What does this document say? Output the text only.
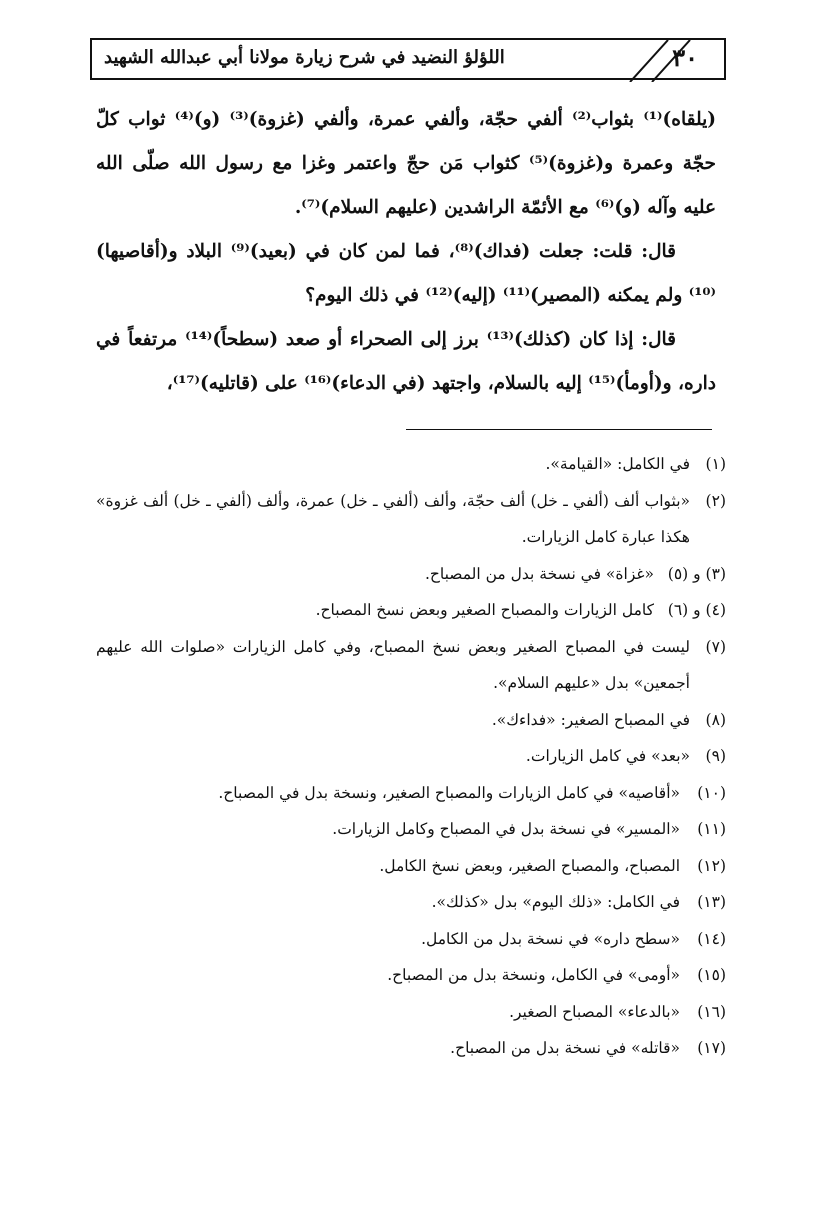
٣٠
اللؤلؤ النضيد في شرح زيارة مولانا أبي عبدالله الشهيد

(يلقاه)⁽¹⁾ بثواب⁽²⁾ ألفي حجّة، وألفي عمرة، وألفي (غزوة)⁽³⁾ (و)⁽⁴⁾ ثواب كلّ حجّة وعمرة و(غزوة)⁽⁵⁾ كثواب مَن حجّ واعتمر وغزا مع رسول الله صلّى الله عليه وآله (و)⁽⁶⁾ مع الأئمّة الراشدين (عليهم السلام)⁽⁷⁾.

قال: قلت: جعلت (فداك)⁽⁸⁾، فما لمن كان في (بعيد)⁽⁹⁾ البلاد و(أقاصيها)⁽¹⁰⁾ ولم يمكنه (المصير)⁽¹¹⁾ (إليه)⁽¹²⁾ في ذلك اليوم؟

قال: إذا كان (كذلك)⁽¹³⁾ برز إلى الصحراء أو صعد (سطحاً)⁽¹⁴⁾ مرتفعاً في داره، و(أومأ)⁽¹⁵⁾ إليه بالسلام، واجتهد (في الدعاء)⁽¹⁶⁾ على (قاتليه)⁽¹⁷⁾،

(١)
في الكامل: «القيامة».
(٢)
«بثواب ألف (ألفي ـ خل) ألف حجّة، وألف (ألفي ـ خل) عمرة، وألف (ألفي ـ خل) ألف غزوة» هكذا عبارة كامل الزيارات.
(٣) و (٥)
«غزاة» في نسخة بدل من المصباح.
(٤) و (٦)
كامل الزيارات والمصباح الصغير وبعض نسخ المصباح.
(٧)
ليست في المصباح الصغير وبعض نسخ المصباح، وفي كامل الزيارات «صلوات الله عليهم أجمعين» بدل «عليهم السلام».
(٨)
في المصباح الصغير: «فداءك».
(٩)
«بعد» في كامل الزيارات.
(١٠)
«أقاصيه» في كامل الزيارات والمصباح الصغير، ونسخة بدل في المصباح.
(١١)
«المسير» في نسخة بدل في المصباح وكامل الزيارات.
(١٢)
المصباح، والمصباح الصغير، وبعض نسخ الكامل.
(١٣)
في الكامل: «ذلك اليوم» بدل «كذلك».
(١٤)
«سطح داره» في نسخة بدل من الكامل.
(١٥)
«أومى» في الكامل، ونسخة بدل من المصباح.
(١٦)
«بالدعاء» المصباح الصغير.
(١٧)
«قاتله» في نسخة بدل من المصباح.
